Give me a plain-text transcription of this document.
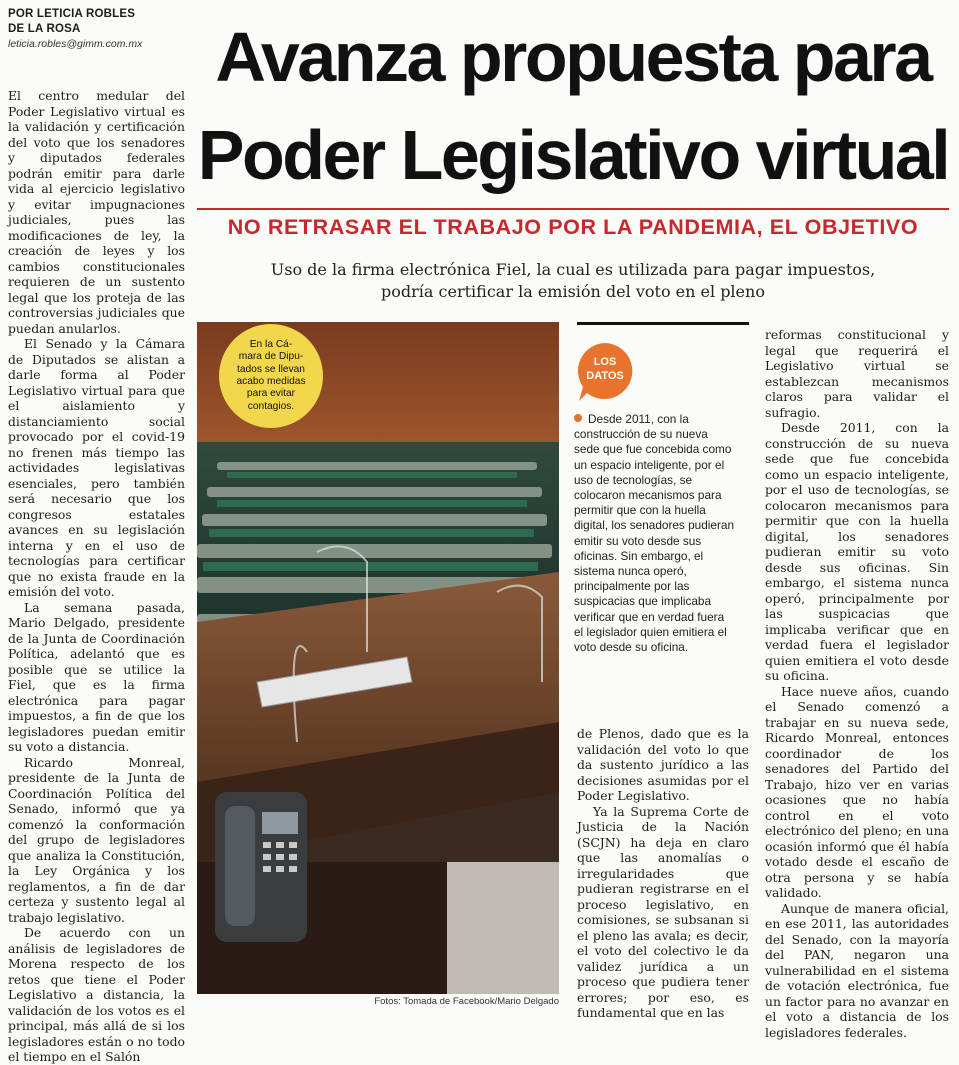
POR LETICIA ROBLES
DE LA ROSA
leticia.robles@gimm.com.mx

El centro medular del Poder Legislativo virtual es la validación y certificación del voto que los senadores y diputados federales podrán emitir para darle vida al ejercicio legislativo y evitar impugnaciones judiciales, pues las modificaciones de ley, la creación de leyes y los cambios constitucionales requieren de un sustento legal que los proteja de las controversias judiciales que puedan anularlos.

El Senado y la Cámara de Diputados se alistan a darle forma al Poder Legislativo virtual para que el aislamiento y distanciamiento social provocado por el covid-19 no frenen más tiempo las actividades legislativas esenciales, pero también será necesario que los congresos estatales avances en su legislación interna y en el uso de tecnologías para certificar que no exista fraude en la emisión del voto.

La semana pasada, Mario Delgado, presidente de la Junta de Coordinación Política, adelantó que es posible que se utilice la Fiel, que es la firma electrónica para pagar impuestos, a fin de que los legisladores puedan emitir su voto a distancia.

Ricardo Monreal, presidente de la Junta de Coordinación Política del Senado, informó que ya comenzó la conformación del grupo de legisladores que analiza la Constitución, la Ley Orgánica y los reglamentos, a fin de dar certeza y sustento legal al trabajo legislativo.

De acuerdo con un análisis de legisladores de Morena respecto de los retos que tiene el Poder Legislativo a distancia, la validación de los votos es el principal, más allá de si los legisladores están o no todo el tiempo en el Salón

Avanza propuesta para
Poder Legislativo virtual
NO RETRASAR EL TRABAJO POR LA PANDEMIA, EL OBJETIVO
Uso de la firma electrónica Fiel, la cual es utilizada para pagar impuestos,
podría certificar la emisión del voto en el pleno
En la Cá-
mara de Dipu-
tados se llevan
acabo medidas
para evitar
contagios.
Fotos: Tomada de Facebook/Mario Delgado
LOS
DATOS
Desde 2011, con la construcción de su nueva sede que fue concebida como un espacio inteligente, por el uso de tecnologías, se colocaron mecanismos para permitir que con la huella digital, los senadores pudieran emitir su voto desde sus oficinas. Sin embargo, el sistema nunca operó, principalmente por las suspicacias que implicaba verificar que en verdad fuera el legislador quien emitiera el voto desde su oficina.

de Plenos, dado que es la validación del voto lo que da sustento jurídico a las decisiones asumidas por el Poder Legislativo.

Ya la Suprema Corte de Justicia de la Nación (SCJN) ha deja en claro que las anomalías o irregularidades que pudieran registrarse en el proceso legislativo, en comisiones, se subsanan si el pleno las avala; es decir, el voto del colectivo le da validez jurídica a un proceso que pudiera tener errores; por eso, es fundamental que en las

reformas constitucional y legal que requerirá el Legislativo virtual se establezcan mecanismos claros para validar el sufragio.

Desde 2011, con la construcción de su nueva sede que fue concebida como un espacio inteligente, por el uso de tecnologías, se colocaron mecanismos para permitir que con la huella digital, los senadores pudieran emitir su voto desde sus oficinas. Sin embargo, el sistema nunca operó, principalmente por las suspicacias que implicaba verificar que en verdad fuera el legislador quien emitiera el voto desde su oficina.

Hace nueve años, cuando el Senado comenzó a trabajar en su nueva sede, Ricardo Monreal, entonces coordinador de los senadores del Partido del Trabajo, hizo ver en varias ocasiones que no había control en el voto electrónico del pleno; en una ocasión informó que él había votado desde el escaño de otra persona y se había validado.

Aunque de manera oficial, en ese 2011, las autoridades del Senado, con la mayoría del PAN, negaron una vulnerabilidad en el sistema de votación electrónica, fue un factor para no avanzar en el voto a distancia de los legisladores federales.
